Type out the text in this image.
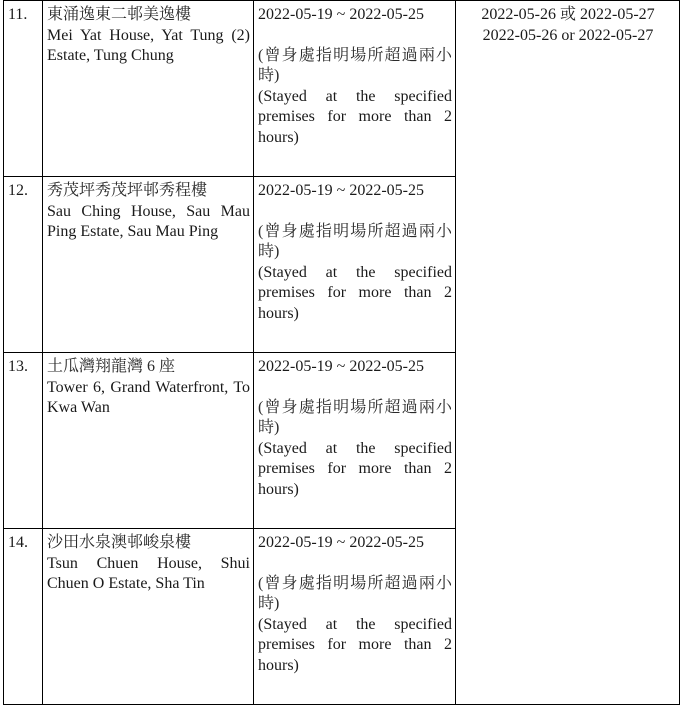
11.	東涌逸東二邨美逸樓
Mei Yat House, Yat Tung (2) Estate, Tung Chung	2022-05-19 ~ 2022-05-25
(曾身處指明場所超過兩小時)
(Stayed at the specified premises for more than 2 hours)	2022-05-26 或 2022-05-27
2022-05-26 or 2022-05-27

12.	秀茂坪秀茂坪邨秀程樓
Sau Ching House, Sau Mau Ping Estate, Sau Mau Ping	2022-05-19 ~ 2022-05-25
(曾身處指明場所超過兩小時)
(Stayed at the specified premises for more than 2 hours)	

13.	土瓜灣翔龍灣 6 座
Tower 6, Grand Waterfront, To Kwa Wan	2022-05-19 ~ 2022-05-25
(曾身處指明場所超過兩小時)
(Stayed at the specified premises for more than 2 hours)	

14.	沙田水泉澳邨峻泉樓
Tsun Chuen House, Shui Chuen O Estate, Sha Tin	2022-05-19 ~ 2022-05-25
(曾身處指明場所超過兩小時)
(Stayed at the specified premises for more than 2 hours)	
